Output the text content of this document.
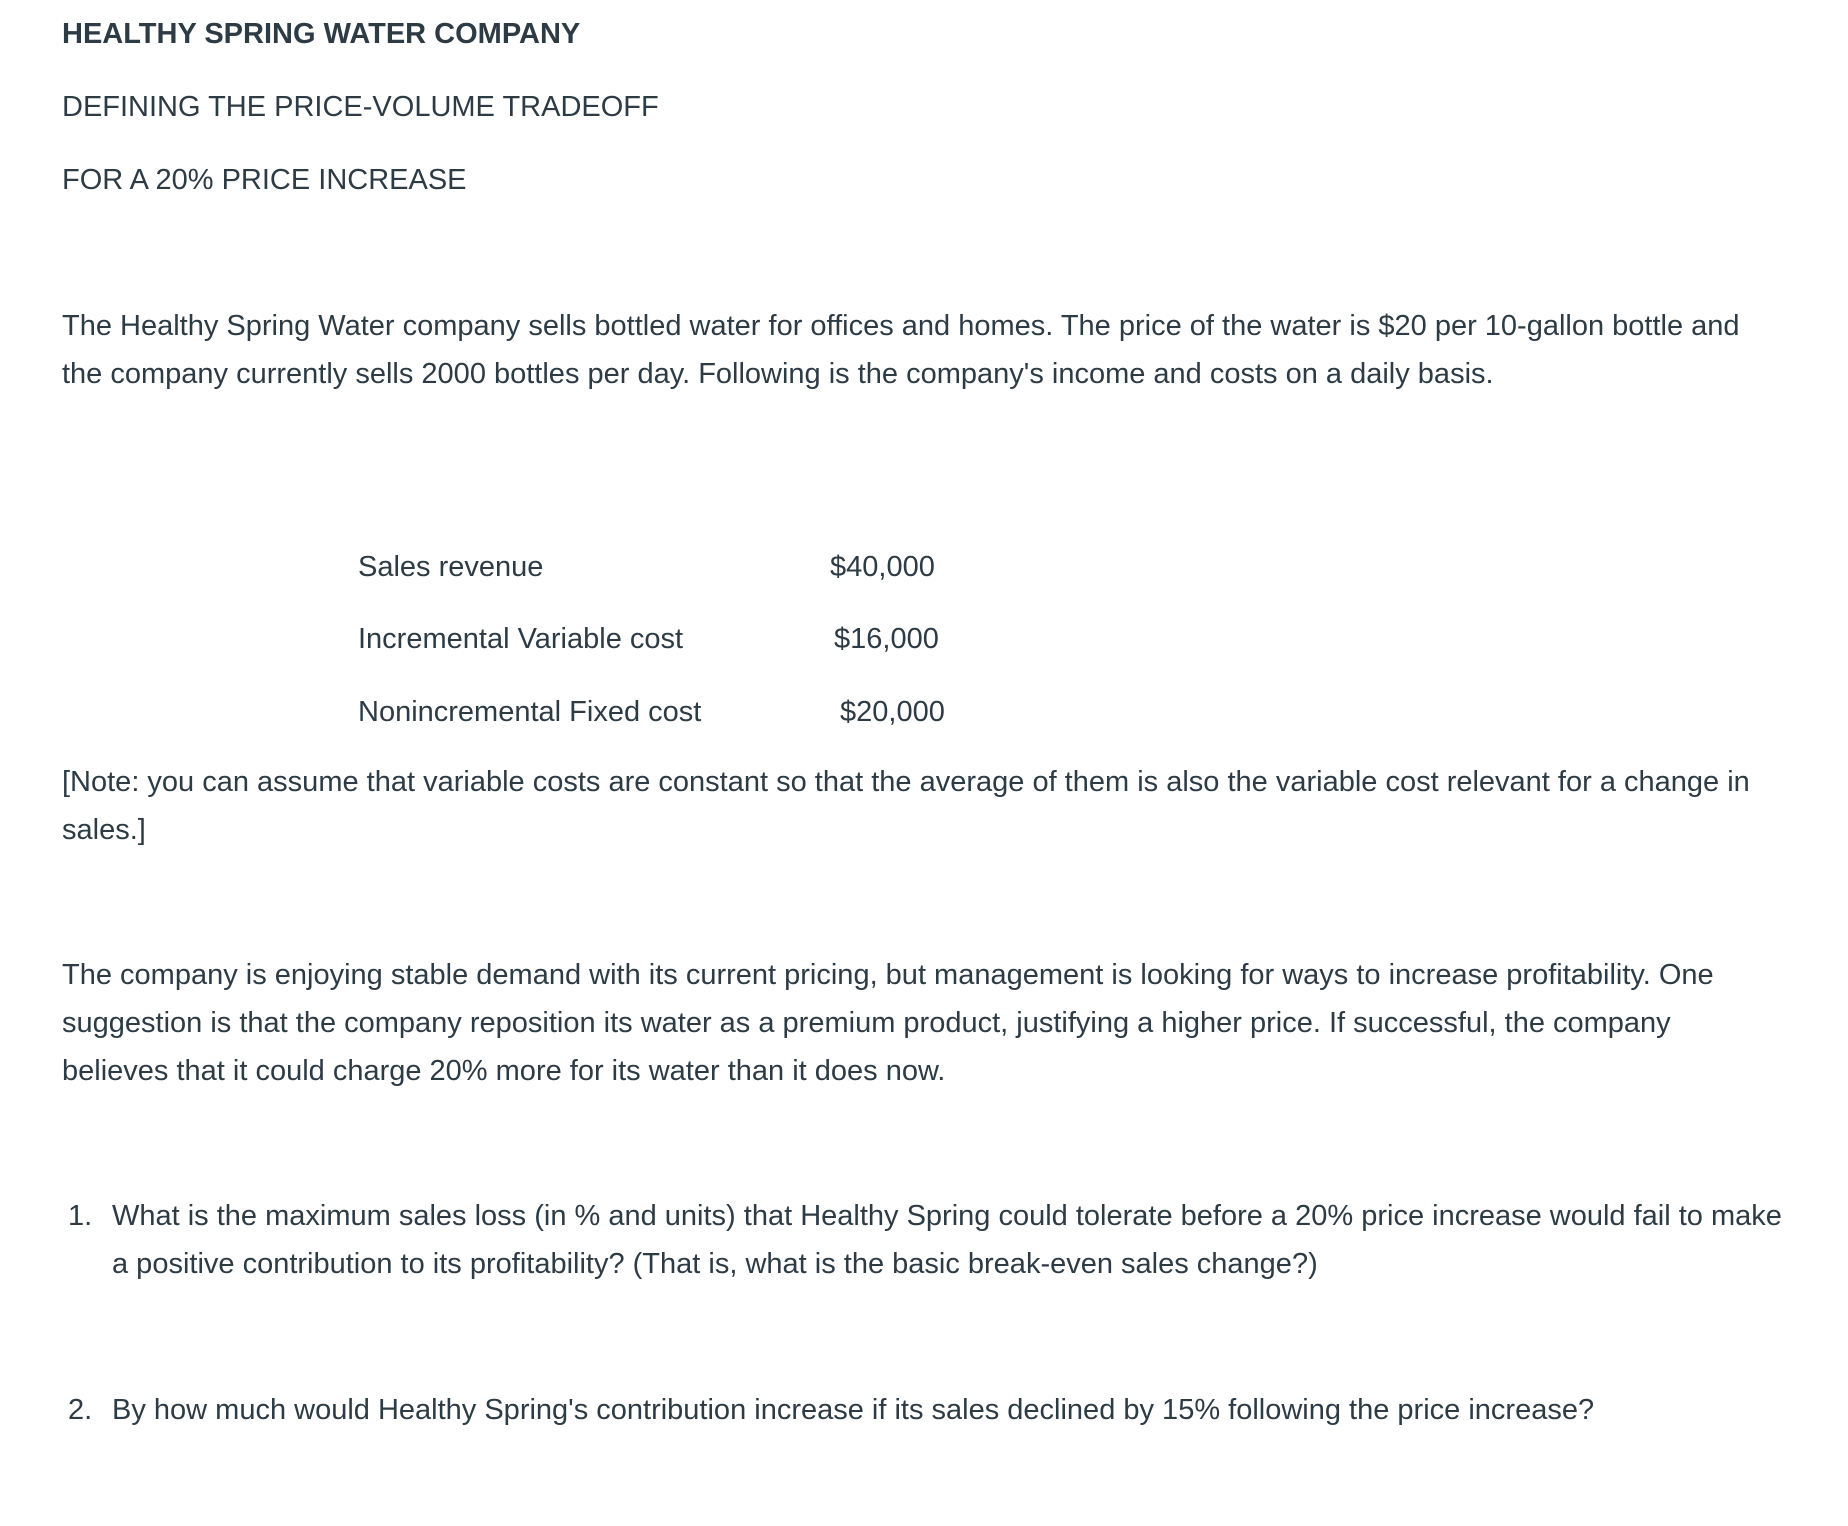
HEALTHY SPRING WATER COMPANY
DEFINING THE PRICE-VOLUME TRADEOFF
FOR A 20% PRICE INCREASE

The Healthy Spring Water company sells bottled water for offices and homes. The price of the water is $20 per 10-gallon bottle and the company currently sells 2000 bottles per day. Following is the company's income and costs on a daily basis.

Sales revenue	$40,000
Incremental Variable cost	$16,000
Nonincremental Fixed cost	$20,000

[Note: you can assume that variable costs are constant so that the average of them is also the variable cost relevant for a change in sales.]

The company is enjoying stable demand with its current pricing, but management is looking for ways to increase profitability. One suggestion is that the company reposition its water as a premium product, justifying a higher price. If successful, the company believes that it could charge 20% more for its water than it does now.

1. What is the maximum sales loss (in % and units) that Healthy Spring could tolerate before a 20% price increase would fail to make a positive contribution to its profitability? (That is, what is the basic break-even sales change?)
2. By how much would Healthy Spring's contribution increase if its sales declined by 15% following the price increase?
